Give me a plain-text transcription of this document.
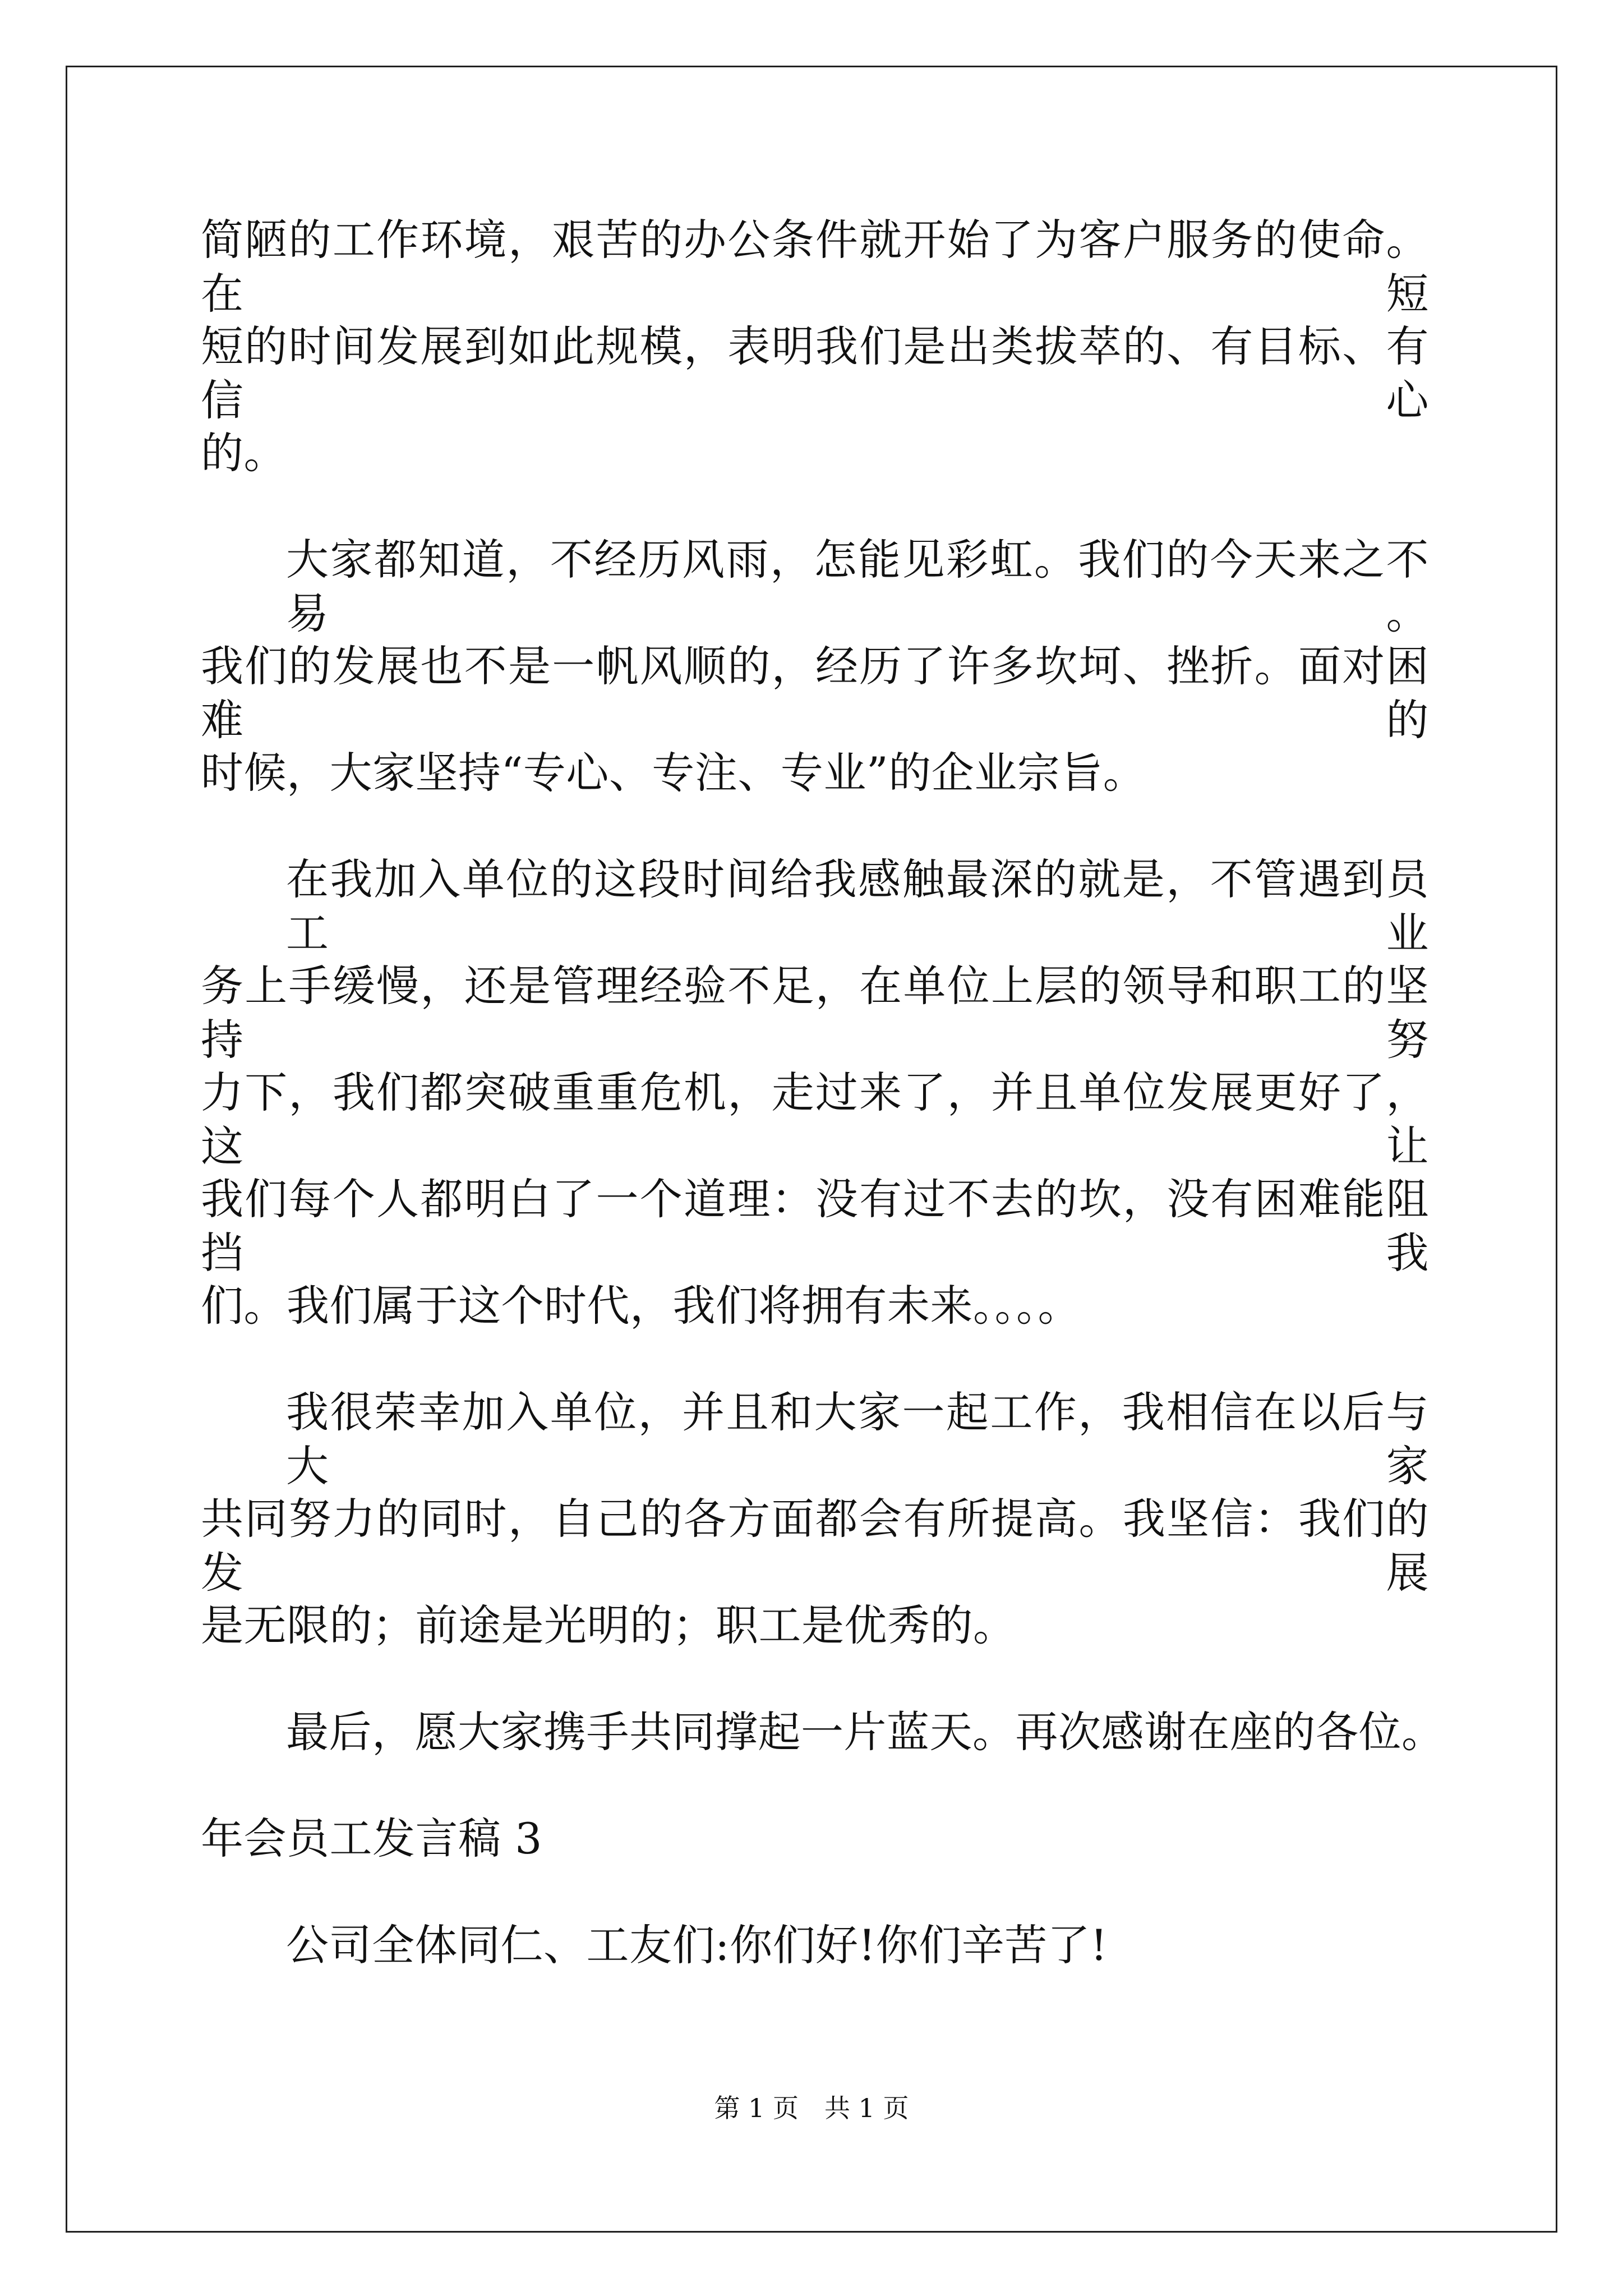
简陋的工作环境，艰苦的办公条件就开始了为客户服务的使命。在短
短的时间发展到如此规模，表明我们是出类拔萃的、有目标、有信心
的。
大家都知道，不经历风雨，怎能见彩虹。我们的今天来之不易。
我们的发展也不是一帆风顺的，经历了许多坎坷、挫折。面对困难的
时候，大家坚持“专心、专注、专业”的企业宗旨。
在我加入单位的这段时间给我感触最深的就是，不管遇到员工业
务上手缓慢，还是管理经验不足，在单位上层的领导和职工的坚持努
力下，我们都突破重重危机，走过来了，并且单位发展更好了，这让
我们每个人都明白了一个道理：没有过不去的坎，没有困难能阻挡我
们。我们属于这个时代，我们将拥有未来。。。。
我很荣幸加入单位，并且和大家一起工作，我相信在以后与大家
共同努力的同时，自己的各方面都会有所提高。我坚信：我们的发展
是无限的；前途是光明的；职工是优秀的。
最后，愿大家携手共同撑起一片蓝天。再次感谢在座的各位。
年会员工发言稿 3
公司全体同仁、工友们:你们好!你们辛苦了!
第 1 页　共 1 页
